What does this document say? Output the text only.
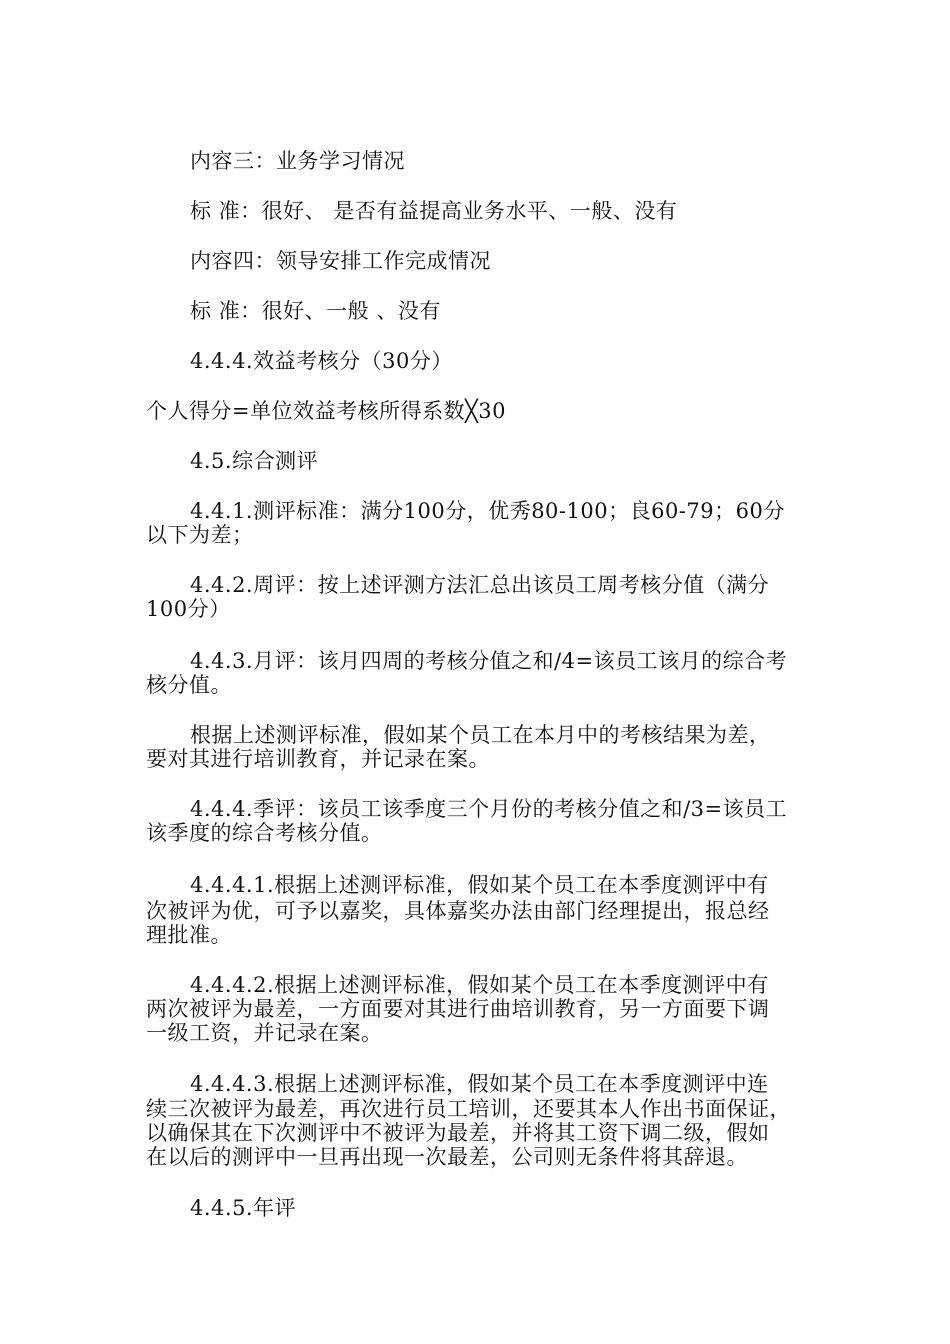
内容三：业务学习情况
标 准：很好、 是否有益提高业务水平、一般、没有
内容四：领导安排工作完成情况
标 准：很好、一般 、没有
4.4.4.效益考核分（30分）
个人得分=单位效益考核所得系数╳30
4.5.综合测评
4.4.1.测评标准：满分100分，优秀80-100；良60-79；60分
以下为差；
4.4.2.周评：按上述评测方法汇总出该员工周考核分值（满分
100分）
4.4.3.月评：该月四周的考核分值之和/4=该员工该月的综合考
核分值。
根据上述测评标准，假如某个员工在本月中的考核结果为差，
要对其进行培训教育，并记录在案。
4.4.4.季评：该员工该季度三个月份的考核分值之和/3=该员工
该季度的综合考核分值。
4.4.4.1.根据上述测评标准，假如某个员工在本季度测评中有
次被评为优，可予以嘉奖，具体嘉奖办法由部门经理提出，报总经
理批准。
4.4.4.2.根据上述测评标准，假如某个员工在本季度测评中有
两次被评为最差，一方面要对其进行曲培训教育，另一方面要下调
一级工资，并记录在案。
4.4.4.3.根据上述测评标准，假如某个员工在本季度测评中连
续三次被评为最差，再次进行员工培训，还要其本人作出书面保证，
以确保其在下次测评中不被评为最差，并将其工资下调二级，假如
在以后的测评中一旦再出现一次最差，公司则无条件将其辞退。
4.4.5.年评
